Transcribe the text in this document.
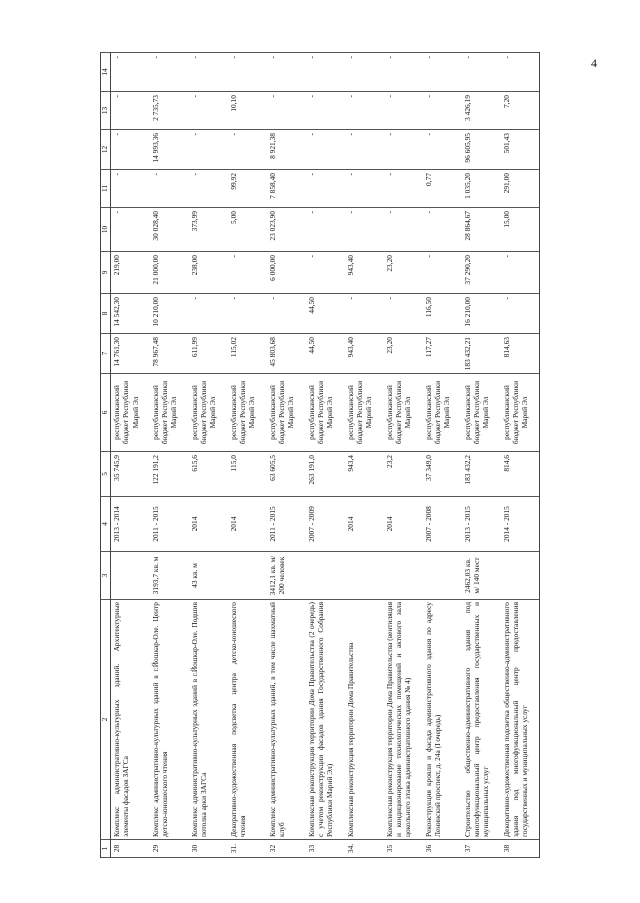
4
1	2	3	4	5	6	7	8	9	10	11	12	13	14
28	Комплекс административно-культурных зданий. Архитектурные элементы фасадов ЗАГСа		2013 - 2014	35 745,9	республиканский бюджет Республики Марий Эл	14 761,30	14 542,30	219,00	-	-	-	-	-
29	Комплекс административно-культурных зданий в г.Йошкар-Оле. Центр детско-юношеского чтения	3193,7 кв. м	2011 - 2015	122 191,2	республиканский бюджет Республики Марий Эл	78 967,48	10 210,00	21 000,00	30 028,40	-	14 993,36	2 735,73	-
30	Комплекс административно-культурных зданий в г.Йошкар-Оле. Подшив потолка арки ЗАГСа	43 кв. м	2014	615,6	республиканский бюджет Республики Марий Эл	611,99	-	238,00	373,99	-	-	-	-
31.	Декоративно-художественная подсветка центра детско-юношеского чтения		2014	115,0	республиканский бюджет Республики Марий Эл	115,02	-	-	5,00	99,92	-	10,10	-
32	Комплекс административно-культурных зданий, в том числе шахматный клуб	3412,1 кв. м/ 200 человек	2011 - 2015	63 605,5	республиканский бюджет Республики Марий Эл	45 803,68	-	6 000,00	23 023,90	7 858,40	8 921,38	-	-
33	Комплексная реконструкция территории Дома Правительства (2 очередь) с учетом реконструкции фасадов здания Государственного Собрания Республики Марий Эл)		2007 - 2009	263 191,0	республиканский бюджет Республики Марий Эл	44,50	44,50	-	-	-	-	-	-
34.	Комплексная реконструкция территории Дома Правительства		2014	943,4	республиканский бюджет Республики Марий Эл	943,40	-	943,40	-	-	-	-	-
35	Комплексная реконструкция территории Дома Правительства (вентиляция и кондиционирование технологических помещений и актового зала цокольного этажа административного здания № 4)		2014	23,2	республиканский бюджет Республики Марий Эл	23,20	-	23,20	-	-	-	-	-
36	Реконструкция кровли и фасада административного здания по адресу Ленинский проспект, д. 24а (I очередь)		2007 - 2008	37 349,0	республиканский бюджет Республики Марий Эл	117,27	116,50	-	-	0,77	-	-	-
37	Строительство общественно-административного здания под многофункциональный центр предоставления государственных и муниципальных услуг	2462,03 кв. м/ 140 мест	2013 - 2015	183 432,2	республиканский бюджет Республики Марий Эл	183 432,21	16 210,00	37 290,20	28 864,67	1 035,20	96 605,95	3 426,19	-
38	Декоративно-художественная подсветка общественно-административного здания под многофункциональный центр предоставления государственных и муниципальных услуг		2014 - 2015	814,6	республиканский бюджет Республики Марий Эл	814,63	-	-	15,00	291,00	501,43	7,20	-
